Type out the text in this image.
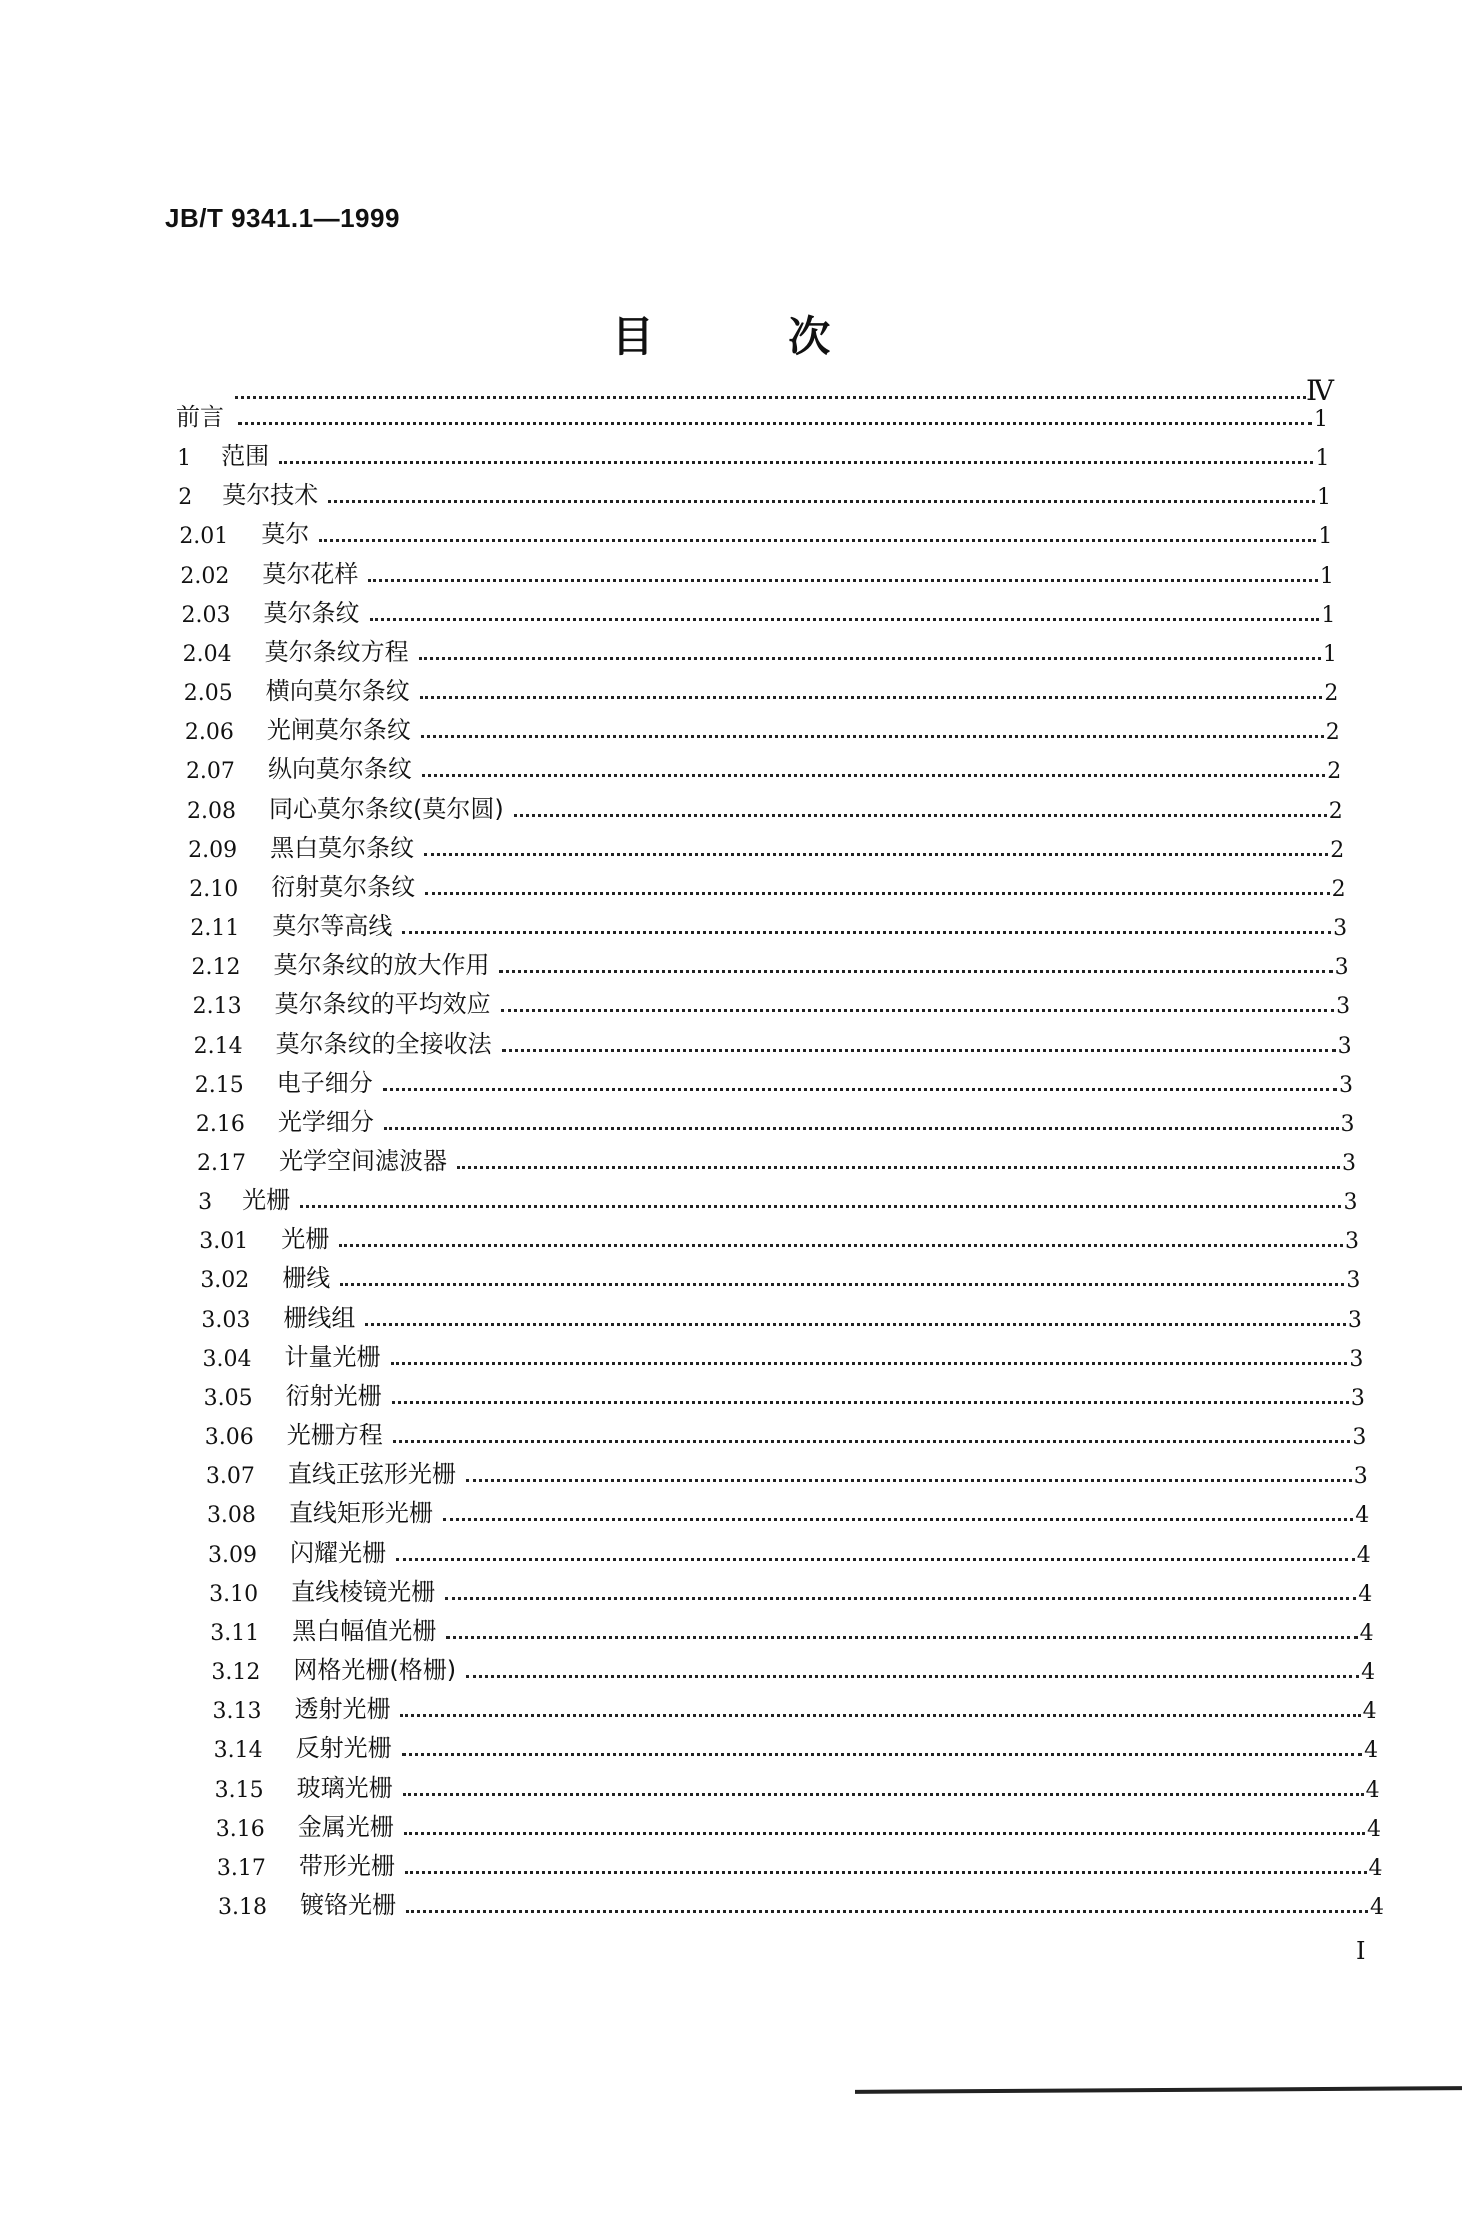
JB/T 9341.1—1999
目 次
Ⅳ
前言	1
1	范围	1
2	莫尔技术	1
2.01	莫尔	1
2.02	莫尔花样	1
2.03	莫尔条纹	1
2.04	莫尔条纹方程	1
2.05	横向莫尔条纹	2
2.06	光闸莫尔条纹	2
2.07	纵向莫尔条纹	2
2.08	同心莫尔条纹(莫尔圆)	2
2.09	黑白莫尔条纹	2
2.10	衍射莫尔条纹	2
2.11	莫尔等高线	3
2.12	莫尔条纹的放大作用	3
2.13	莫尔条纹的平均效应	3
2.14	莫尔条纹的全接收法	3
2.15	电子细分	3
2.16	光学细分	3
2.17	光学空间滤波器	3
3	光栅	3
3.01	光栅	3
3.02	栅线	3
3.03	栅线组	3
3.04	计量光栅	3
3.05	衍射光栅	3
3.06	光栅方程	3
3.07	直线正弦形光栅	3
3.08	直线矩形光栅	4
3.09	闪耀光栅	4
3.10	直线棱镜光栅	4
3.11	黑白幅值光栅	4
3.12	网格光栅(格栅)	4
3.13	透射光栅	4
3.14	反射光栅	4
3.15	玻璃光栅	4
3.16	金属光栅	4
3.17	带形光栅	4
3.18	镀铬光栅	4
I
